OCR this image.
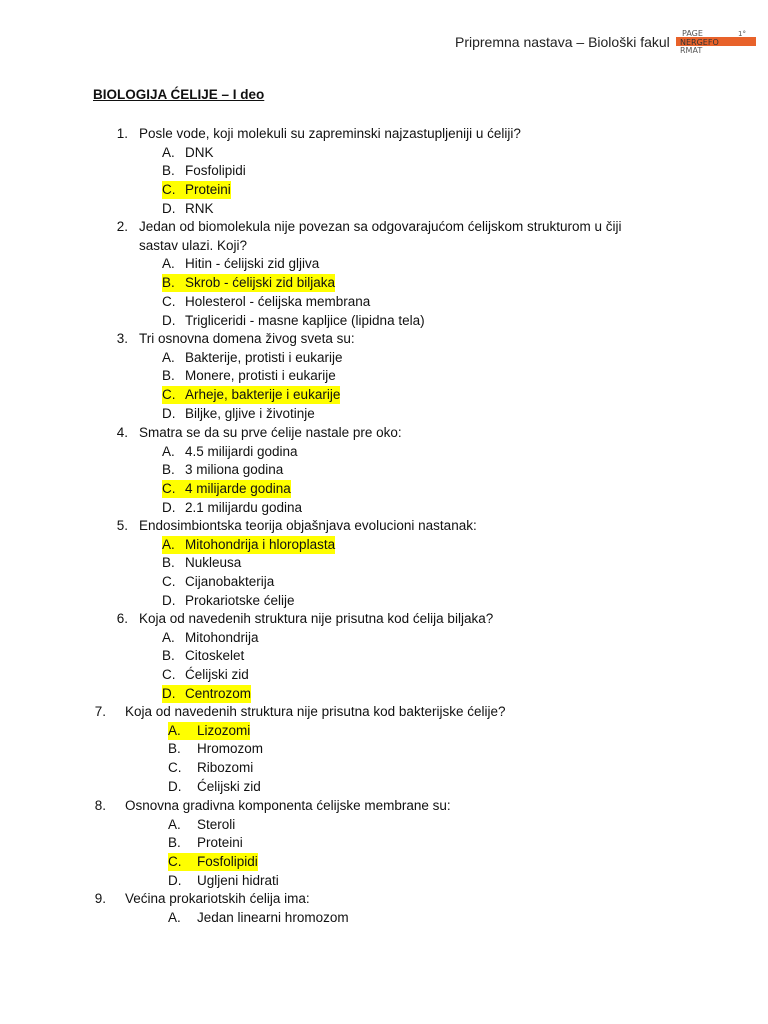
Pripremna nastava – Biološki fakul
PAGE	1°
NERGEFO
RMAT
BIOLOGIJA ĆELIJE – I deo
1. Posle vode, koji molekuli su zapreminski najzastupljeniji u ćeliji?
A. DNK
B. Fosfolipidi
C. Proteini
D. RNK
2. Jedan od biomolekula nije povezan sa odgovarajućom ćelijskom strukturom u čiji
sastav ulazi. Koji?
A. Hitin - ćelijski zid gljiva
B. Skrob - ćelijski zid biljaka
C. Holesterol - ćelijska membrana
D. Trigliceridi - masne kapljice (lipidna tela)
3. Tri osnovna domena živog sveta su:
A. Bakterije, protisti i eukarije
B. Monere, protisti i eukarije
C. Arheje, bakterije i eukarije
D. Biljke, gljive i životinje
4. Smatra se da su prve ćelije nastale pre oko:
A. 4.5 milijardi godina
B. 3 miliona godina
C. 4 milijarde godina
D. 2.1 milijardu godina
5. Endosimbiontska teorija objašnjava evolucioni nastanak:
A. Mitohondrija i hloroplasta
B. Nukleusa
C. Cijanobakterija
D. Prokariotske ćelije
6. Koja od navedenih struktura nije prisutna kod ćelija biljaka?
A. Mitohondrija
B. Citoskelet
C. Ćelijski zid
D. Centrozom
7. Koja od navedenih struktura nije prisutna kod bakterijske ćelije?
A. Lizozomi
B. Hromozom
C. Ribozomi
D. Ćelijski zid
8. Osnovna gradivna komponenta ćelijske membrane su:
A. Steroli
B. Proteini
C. Fosfolipidi
D. Ugljeni hidrati
9. Većina prokariotskih ćelija ima:
A. Jedan linearni hromozom
